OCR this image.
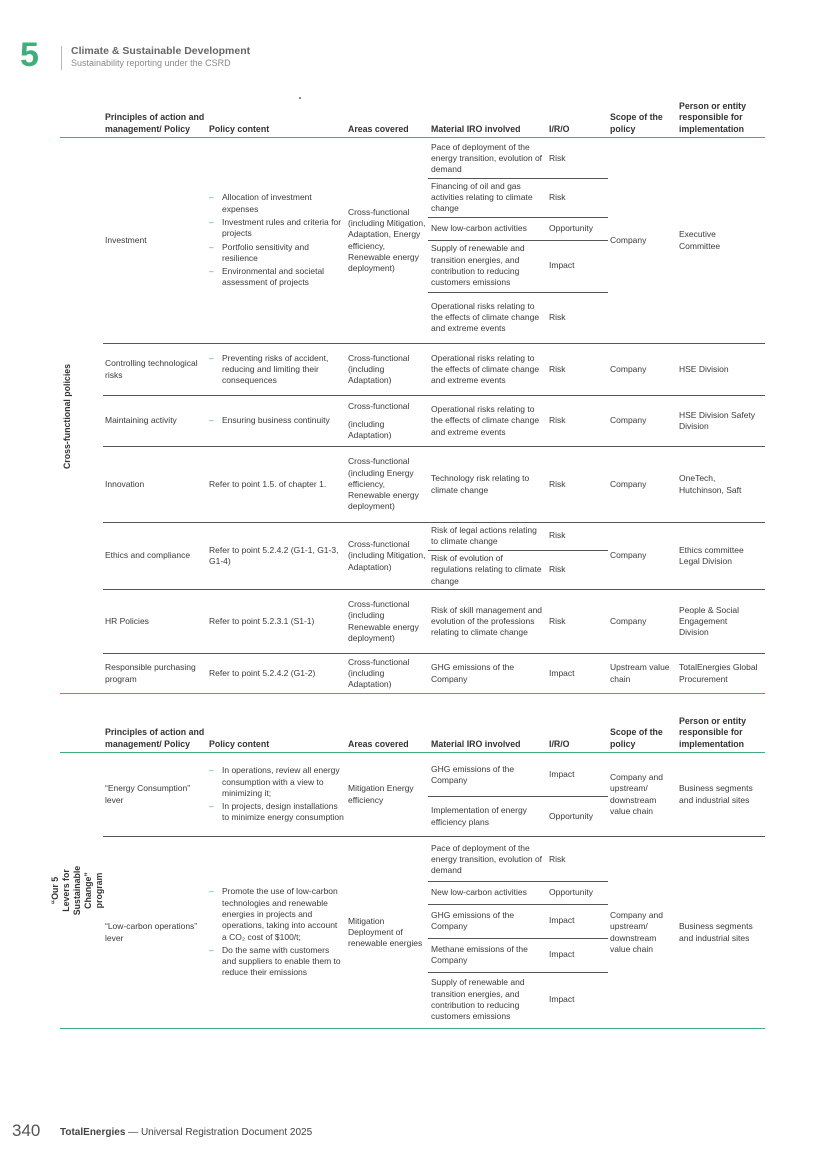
5	Climate & Sustainable Development
Sustainability reporting under the CSRD
Principles of action and management/ Policy	Policy content	Areas covered	Material IRO involved	I/R/O
Scope of the policy
Person or entity responsible for implementation
Cross-functional policies
Investment
– Allocation of investment expenses
– Investment rules and criteria for projects
– Portfolio sensitivity and resilience
– Environmental and societal assessment of projects
Cross-functional (including Mitigation, Adaptation, Energy efficiency, Renewable energy deployment)
Pace of deployment of the energy transition, evolution of demand
Risk
Financing of oil and gas activities relating to climate change
Risk
New low-carbon activities	Opportunity
Supply of renewable and transition energies, and contribution to reducing customers emissions
Impact
Operational risks relating to the effects of climate change and extreme events
Risk
Company
Executive Committee
Controlling technological risks
– Preventing risks of accident, reducing and limiting their consequences
Cross-functional (including Adaptation)
Operational risks relating to the effects of climate change and extreme events
Risk	Company	HSE Division
Maintaining activity
–	Ensuring business continuity
Cross-functional
(including Adaptation)
Operational risks relating to the effects of climate change and extreme events
Risk	Company
HSE Division Safety Division
Innovation	Refer to point 1.5. of chapter 1.
Cross-functional (including Energy efficiency, Renewable energy deployment)
Technology risk relating to climate change
Risk	Company
OneTech, Hutchinson, Saft
Ethics and compliance
Refer to point 5.2.4.2 (G1-1, G1-3, G1-4)
Cross-functional (including Mitigation, Adaptation)
Risk of legal actions relating to climate change
Risk
Risk of evolution of regulations relating to climate change
Risk
Company
Ethics committee Legal Division
HR Policies	Refer to point 5.2.3.1 (S1-1)
Cross-functional (including Renewable energy deployment)
Risk of skill management and evolution of the professions relating to climate change
Risk	Company
People & Social Engagement Division
Responsible purchasing program
Refer to point 5.2.4.2 (G1-2)
Cross-functional (including Adaptation)
GHG emissions of the Company
Impact
Upstream value chain
TotalEnergies Global Procurement
Principles of action and management/ Policy	Policy content	Areas covered	Material IRO involved	I/R/O
Scope of the policy
Person or entity responsible for implementation
“Our 5 Levers for Sustainable Change” program
“Energy Consumption” lever
– In operations, review all energy consumption with a view to minimizing it;
– In projects, design installations to minimize energy consumption
Mitigation Energy efficiency
GHG emissions of the Company
Impact
Implementation of energy efficiency plans
Opportunity
Company and upstream/ downstream value chain
Business segments and industrial sites
“Low-carbon operations” lever
– Promote the use of low-carbon technologies and renewable energies in projects and operations, taking into account a CO₂ cost of $100/t;
– Do the same with customers and suppliers to enable them to reduce their emissions
Mitigation Deployment of renewable energies
Pace of deployment of the energy transition, evolution of demand
Risk
New low-carbon activities	Opportunity
GHG emissions of the Company
Impact
Methane emissions of the Company
Impact
Supply of renewable and transition energies, and contribution to reducing customers emissions
Impact
Company and upstream/ downstream value chain
Business segments and industrial sites
340 TotalEnergies — Universal Registration Document 2025
